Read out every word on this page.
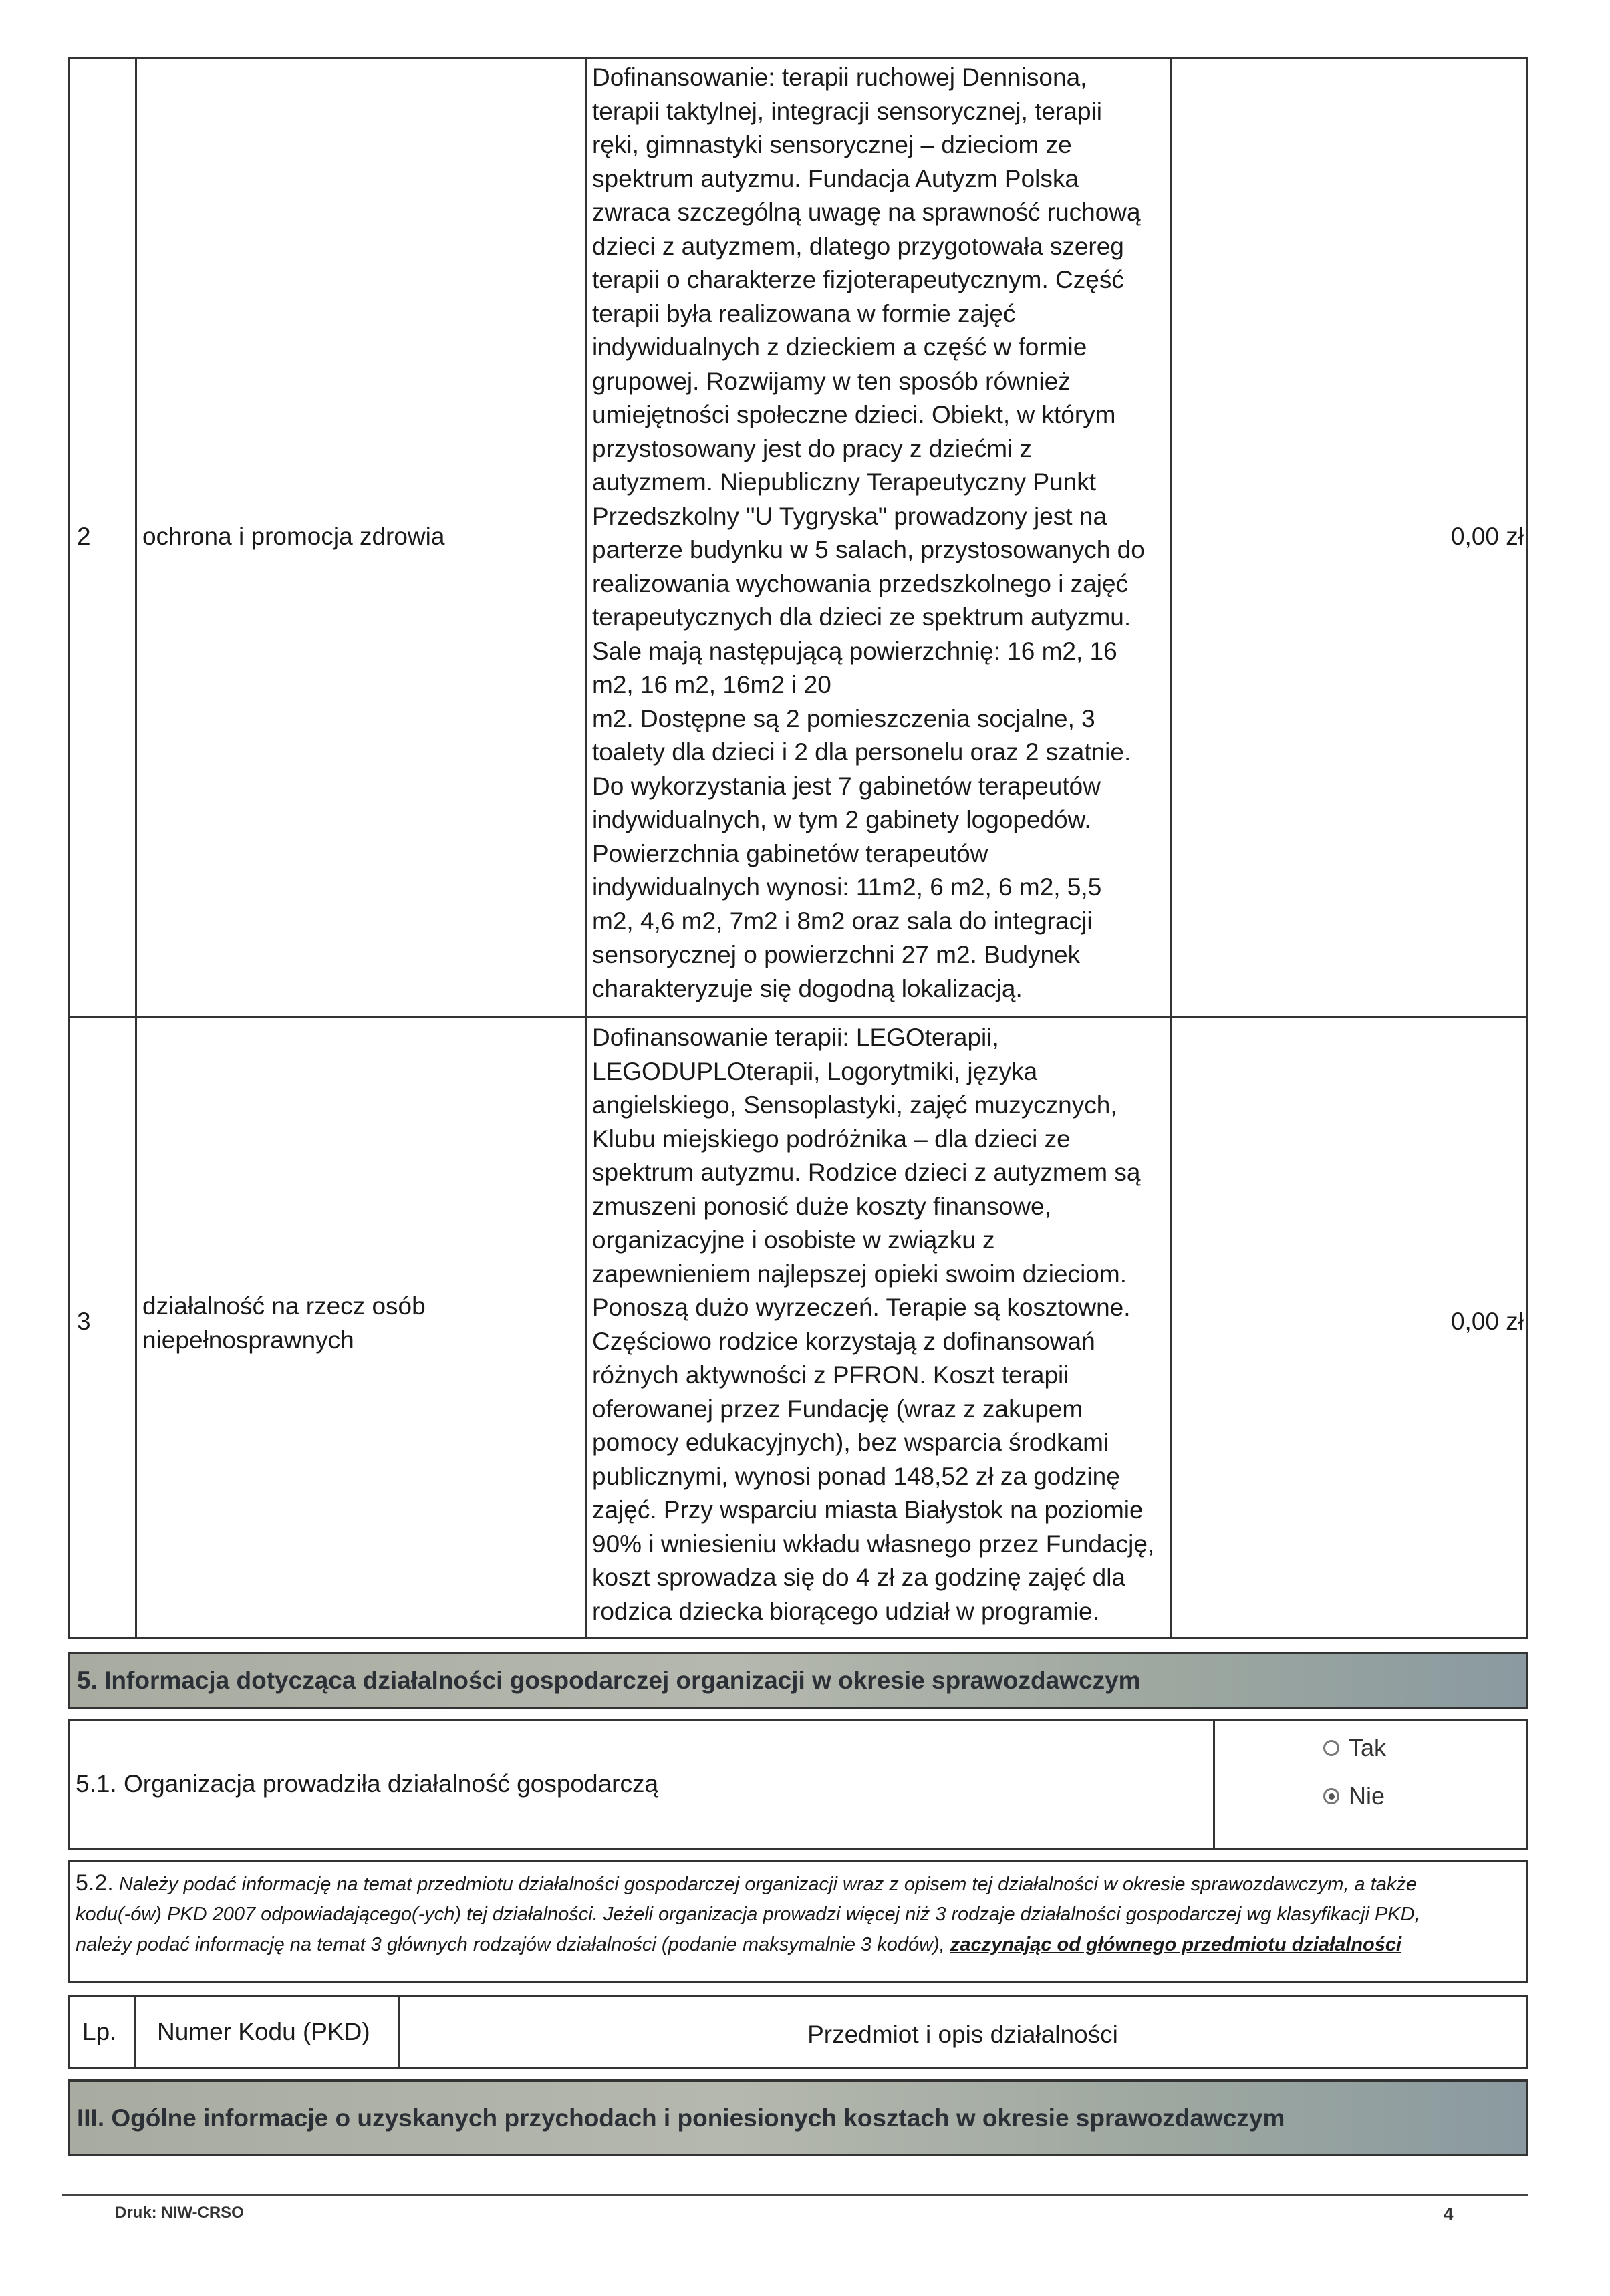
2 ochrona i promocja zdrowia
Dofinansowanie: terapii ruchowej Dennisona,
terapii taktylnej, integracji sensorycznej, terapii
ręki, gimnastyki sensorycznej – dzieciom ze
spektrum autyzmu. Fundacja Autyzm Polska
zwraca szczególną uwagę na sprawność ruchową
dzieci z autyzmem, dlatego przygotowała szereg
terapii o charakterze fizjoterapeutycznym. Część
terapii była realizowana w formie zajęć
indywidualnych z dzieckiem a część w formie
grupowej. Rozwijamy w ten sposób również
umiejętności społeczne dzieci. Obiekt, w którym
przystosowany jest do pracy z dziećmi z
autyzmem. Niepubliczny Terapeutyczny Punkt
Przedszkolny "U Tygryska" prowadzony jest na
parterze budynku w 5 salach, przystosowanych do
realizowania wychowania przedszkolnego i zajęć
terapeutycznych dla dzieci ze spektrum autyzmu.
Sale mają następującą powierzchnię: 16 m2, 16
m2, 16 m2, 16m2 i 20
m2. Dostępne są 2 pomieszczenia socjalne, 3
toalety dla dzieci i 2 dla personelu oraz 2 szatnie.
Do wykorzystania jest 7 gabinetów terapeutów
indywidualnych, w tym 2 gabinety logopedów.
Powierzchnia gabinetów terapeutów
indywidualnych wynosi: 11m2, 6 m2, 6 m2, 5,5
m2, 4,6 m2, 7m2 i 8m2 oraz sala do integracji
sensorycznej o powierzchni 27 m2. Budynek
charakteryzuje się dogodną lokalizacją.
0,00 zł
3
działalność na rzecz osób
niepełnosprawnych
Dofinansowanie terapii: LEGOterapii,
LEGODUPLOterapii, Logorytmiki, języka
angielskiego, Sensoplastyki, zajęć muzycznych,
Klubu miejskiego podróżnika – dla dzieci ze
spektrum autyzmu. Rodzice dzieci z autyzmem są
zmuszeni ponosić duże koszty finansowe,
organizacyjne i osobiste w związku z
zapewnieniem najlepszej opieki swoim dzieciom.
Ponoszą dużo wyrzeczeń. Terapie są kosztowne.
Częściowo rodzice korzystają z dofinansowań
różnych aktywności z PFRON. Koszt terapii
oferowanej przez Fundację (wraz z zakupem
pomocy edukacyjnych), bez wsparcia środkami
publicznymi, wynosi ponad 148,52 zł za godzinę
zajęć. Przy wsparciu miasta Białystok na poziomie
90% i wniesieniu wkładu własnego przez Fundację,
koszt sprowadza się do 4 zł za godzinę zajęć dla
rodzica dziecka biorącego udział w programie.
0,00 zł
5. Informacja dotycząca działalności gospodarczej organizacji w okresie sprawozdawczym
5.1. Organizacja prowadziła działalność gospodarczą
Tak
Nie
5.2. Należy podać informację na temat przedmiotu działalności gospodarczej organizacji wraz z opisem tej działalności w okresie sprawozdawczym, a także
kodu(-ów) PKD 2007 odpowiadającego(-ych) tej działalności. Jeżeli organizacja prowadzi więcej niż 3 rodzaje działalności gospodarczej wg klasyfikacji PKD,
należy podać informację na temat 3 głównych rodzajów działalności (podanie maksymalnie 3 kodów), zaczynając od głównego przedmiotu działalności
Lp. Numer Kodu (PKD)	Przedmiot i opis działalności
III. Ogólne informacje o uzyskanych przychodach i poniesionych kosztach w okresie sprawozdawczym
Druk: NIW-CRSO	4
